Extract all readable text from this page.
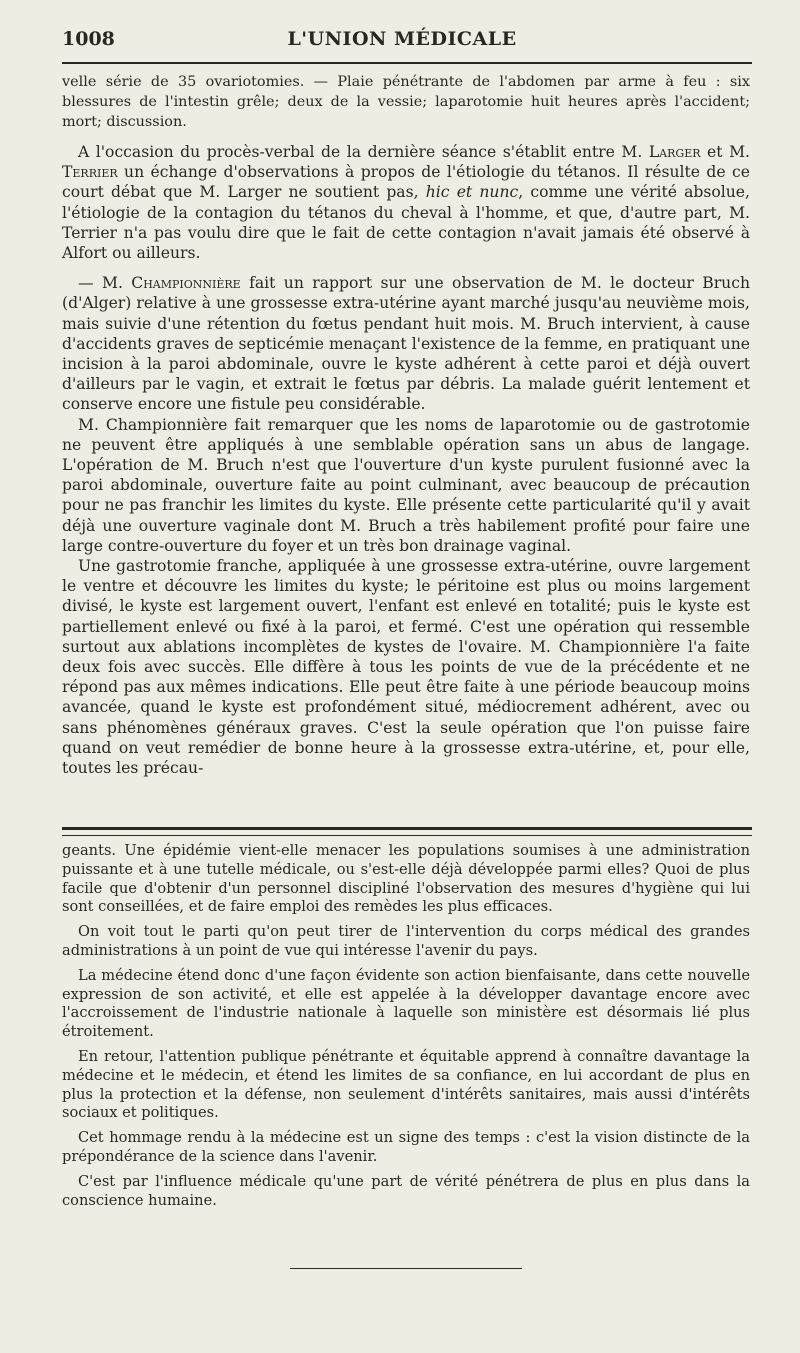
1008	L'UNION MÉDICALE

velle série de 35 ovariotomies. — Plaie pénétrante de l'abdomen par arme à feu : six blessures de l'intestin grêle; deux de la vessie; laparotomie huit heures après l'accident; mort; discussion.

A l'occasion du procès-verbal de la dernière séance s'établit entre M. Larger et M. Terrier un échange d'observations à propos de l'étiologie du tétanos. Il résulte de ce court débat que M. Larger ne soutient pas, hic et nunc, comme une vérité absolue, l'étiologie de la contagion du tétanos du cheval à l'homme, et que, d'autre part, M. Terrier n'a pas voulu dire que le fait de cette contagion n'avait jamais été observé à Alfort ou ailleurs.

— M. Championnière fait un rapport sur une observation de M. le docteur Bruch (d'Alger) relative à une grossesse extra-utérine ayant marché jusqu'au neuvième mois, mais suivie d'une rétention du fœtus pendant huit mois. M. Bruch intervient, à cause d'accidents graves de septicémie menaçant l'existence de la femme, en pratiquant une incision à la paroi abdominale, ouvre le kyste adhérent à cette paroi et déjà ouvert d'ailleurs par le vagin, et extrait le fœtus par débris. La malade guérit lentement et conserve encore une fistule peu considérable.

M. Championnière fait remarquer que les noms de laparotomie ou de gastrotomie ne peuvent être appliqués à une semblable opération sans un abus de langage. L'opération de M. Bruch n'est que l'ouverture d'un kyste purulent fusionné avec la paroi abdominale, ouverture faite au point culminant, avec beaucoup de précaution pour ne pas franchir les limites du kyste. Elle présente cette particularité qu'il y avait déjà une ouverture vaginale dont M. Bruch a très habilement profité pour faire une large contre-ouverture du foyer et un très bon drainage vaginal.

Une gastrotomie franche, appliquée à une grossesse extra-utérine, ouvre largement le ventre et découvre les limites du kyste; le péritoine est plus ou moins largement divisé, le kyste est largement ouvert, l'enfant est enlevé en totalité; puis le kyste est partiellement enlevé ou fixé à la paroi, et fermé. C'est une opération qui ressemble surtout aux ablations incomplètes de kystes de l'ovaire. M. Championnière l'a faite deux fois avec succès. Elle diffère à tous les points de vue de la précédente et ne répond pas aux mêmes indications. Elle peut être faite à une période beaucoup moins avancée, quand le kyste est profondément situé, médiocrement adhérent, avec ou sans phénomènes généraux graves. C'est la seule opération que l'on puisse faire quand on veut remédier de bonne heure à la grossesse extra-utérine, et, pour elle, toutes les précau-

geants. Une épidémie vient-elle menacer les populations soumises à une administration puissante et à une tutelle médicale, ou s'est-elle déjà développée parmi elles? Quoi de plus facile que d'obtenir d'un personnel discipliné l'observation des mesures d'hygiène qui lui sont conseillées, et de faire emploi des remèdes les plus efficaces.

On voit tout le parti qu'on peut tirer de l'intervention du corps médical des grandes administrations à un point de vue qui intéresse l'avenir du pays.

La médecine étend donc d'une façon évidente son action bienfaisante, dans cette nouvelle expression de son activité, et elle est appelée à la développer davantage encore avec l'accroissement de l'industrie nationale à laquelle son ministère est désormais lié plus étroitement.

En retour, l'attention publique pénétrante et équitable apprend à connaître davantage la médecine et le médecin, et étend les limites de sa confiance, en lui accordant de plus en plus la protection et la défense, non seulement d'intérêts sanitaires, mais aussi d'intérêts sociaux et politiques.

Cet hommage rendu à la médecine est un signe des temps : c'est la vision distincte de la prépondérance de la science dans l'avenir.

C'est par l'influence médicale qu'une part de vérité pénétrera de plus en plus dans la conscience humaine.
